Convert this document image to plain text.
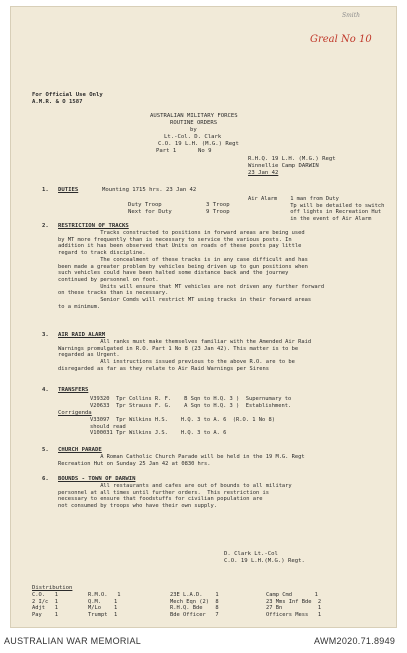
Smith
Greal No 10
For Official Use Only
A.M.R. & O 1587
AUSTRALIAN MILITARY FORCES
ROUTINE ORDERS
by
Lt.-Col. D. Clark
C.O. 19 L.H. (M.G.) Regt
Part 1	No 9
R.H.Q. 19 L.H. (M.G.) Regt
Winnellie Camp DARWIN
23 Jan 42
1. DUTIES	Mounting 1715 hrs. 23 Jan 42
Duty Troop	3 Troop
Next for Duty	9 Troop
Air Alarm    1 man from Duty
Tp will be detailed to switch
off lights in Recreation Hut
in the event of Air Alarm
2. RESTRICTION OF TRACKS
Tracks constructed to positions in forward areas are being used
by MT more frequently than is necessary to service the various posts. In
addition it has been observed that Units on roads of these posts pay little
regard to track discipline.
The concealment of these tracks is in any case difficult and has
been made a greater problem by vehicles being driven up to gun positions when
such vehicles could have been halted some distance back and the journey
continued by personnel on foot.
Units will ensure that MT vehicles are not driven any further forward
on these tracks than is necessary.
Senior Comds will restrict MT using tracks in their forward areas
to a minimum.
3. AIR RAID ALARM
All ranks must make themselves familiar with the Amended Air Raid
Warnings promulgated in R.O. Part 1 No 8 (23 Jan 42). This matter is to be
regarded as Urgent.
All instructions issued previous to the above R.O. are to be
disregarded as far as they relate to Air Raid Warnings per Sirens
4. TRANSFERS
V39320  Tpr Collins R. F.    B Sqn to H.Q. 3 )  Supernumary to
V20633  Tpr Strauss F. G.    A Sqn to H.Q. 3 )  Establishment.
Corrigenda
V33097  Tpr Wilkins H.S.    H.Q. 3 to A. 6  (R.O. 1 No 8)
should read
V100031 Tpr Wilkins J.S.    H.Q. 3 to A. 6
5. CHURCH PARADE
A Roman Catholic Church Parade will be held in the 19 M.G. Regt
Recreation Hut on Sunday 25 Jan 42 at 0830 hrs.
6. BOUNDS - TOWN OF DARWIN
All restaurants and cafes are out of bounds to all military
personnel at all times until further orders.  This restriction is
necessary to ensure that foodstuffs for civilian population are
not consumed by troops who have their own supply.
D. Clark Lt.-Col
C.O. 19 L.H.(M.G.) Regt.
Distribution
C.O.   1
2 I/c  1
Adjt   1
Pay    1
R.M.O.   1
Q.M.    1
M/Lo    1
Trumpt  1
23E L.A.D.    1
Mech Eqn (2)  8
R.H.Q. Bde    8
Bde Officer   7
Camp Cmd       1
23 Mms Inf Bde  2
27 Bn           1
Officers Mess   1
AUSTRALIAN WAR MEMORIAL	AWM2020.71.8949
